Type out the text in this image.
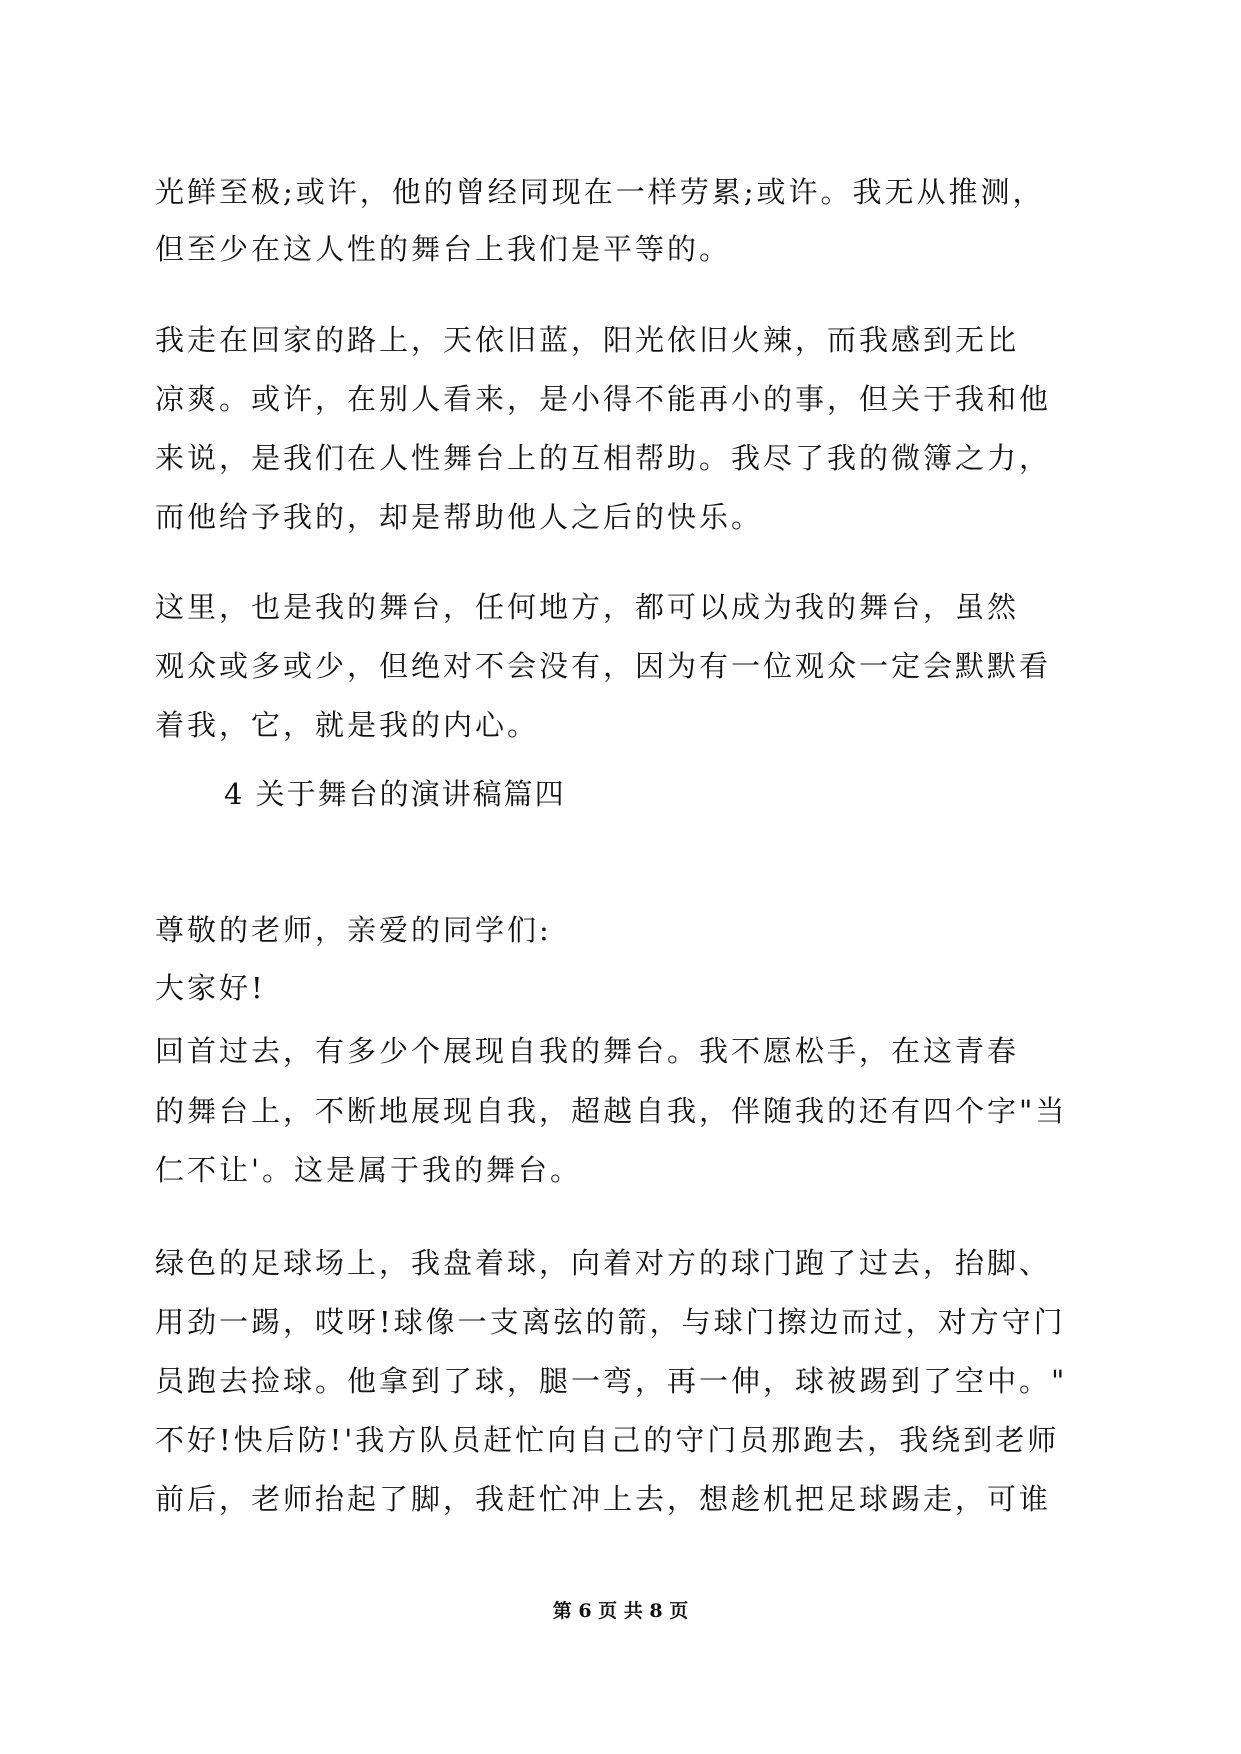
光鲜至极;或许，他的曾经同现在一样劳累;或许。我无从推测，
但至少在这人性的舞台上我们是平等的。
我走在回家的路上，天依旧蓝，阳光依旧火辣，而我感到无比
凉爽。或许，在别人看来，是小得不能再小的事，但关于我和他
来说，是我们在人性舞台上的互相帮助。我尽了我的微簿之力，
而他给予我的，却是帮助他人之后的快乐。
这里，也是我的舞台，任何地方，都可以成为我的舞台，虽然
观众或多或少，但绝对不会没有，因为有一位观众一定会默默看
着我，它，就是我的内心。
4 关于舞台的演讲稿篇四
尊敬的老师，亲爱的同学们:
大家好!
回首过去，有多少个展现自我的舞台。我不愿松手，在这青春
的舞台上，不断地展现自我，超越自我，伴随我的还有四个字"当
仁不让'。这是属于我的舞台。
绿色的足球场上，我盘着球，向着对方的球门跑了过去，抬脚、
用劲一踢，哎呀!球像一支离弦的箭，与球门擦边而过，对方守门
员跑去捡球。他拿到了球，腿一弯，再一伸，球被踢到了空中。"
不好!快后防!'我方队员赶忙向自己的守门员那跑去，我绕到老师
前后，老师抬起了脚，我赶忙冲上去，想趁机把足球踢走，可谁
第 6 页 共 8 页
